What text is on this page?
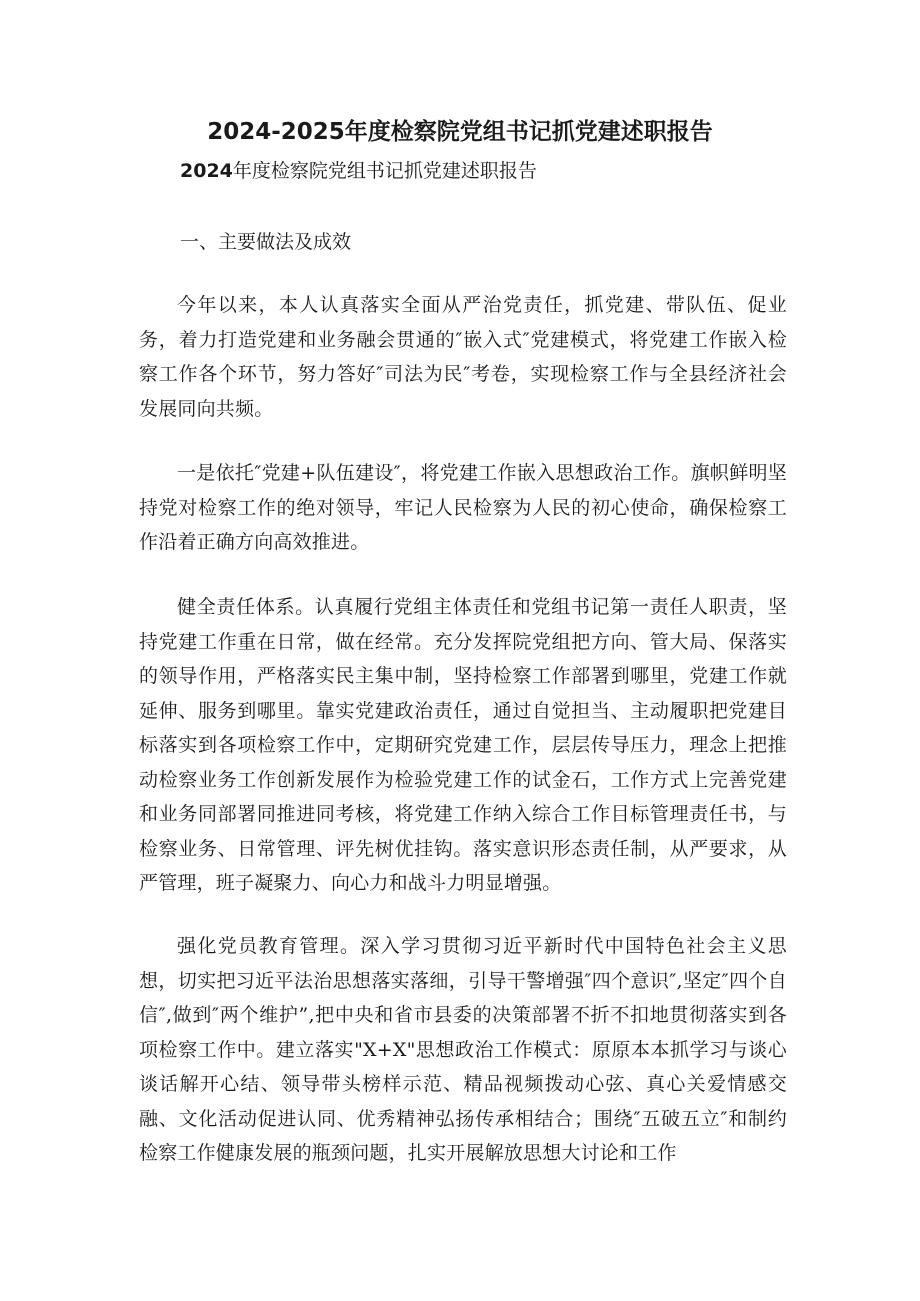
2024-2025年度检察院党组书记抓党建述职报告

2024年度检察院党组书记抓党建述职报告

一、主要做法及成效

今年以来，本人认真落实全面从严治党责任，抓党建、带队伍、促业务，着力打造党建和业务融会贯通的″嵌入式″党建模式，将党建工作嵌入检察工作各个环节，努力答好″司法为民″考卷，实现检察工作与全县经济社会发展同向共频。

一是依托″党建+队伍建设″，将党建工作嵌入思想政治工作。旗帜鲜明坚持党对检察工作的绝对领导，牢记人民检察为人民的初心使命，确保检察工作沿着正确方向高效推进。

健全责任体系。认真履行党组主体责任和党组书记第一责任人职责，坚持党建工作重在日常，做在经常。充分发挥院党组把方向、管大局、保落实的领导作用，严格落实民主集中制，坚持检察工作部署到哪里，党建工作就延伸、服务到哪里。靠实党建政治责任，通过自觉担当、主动履职把党建目标落实到各项检察工作中，定期研究党建工作，层层传导压力，理念上把推动检察业务工作创新发展作为检验党建工作的试金石，工作方式上完善党建和业务同部署同推进同考核，将党建工作纳入综合工作目标管理责任书，与检察业务、日常管理、评先树优挂钩。落实意识形态责任制，从严要求，从严管理，班子凝聚力、向心力和战斗力明显增强。

强化党员教育管理。深入学习贯彻习近平新时代中国特色社会主义思想，切实把习近平法治思想落实落细，引导干警增强″四个意识″,坚定″四个自信″,做到″两个维护”,把中央和省市县委的决策部署不折不扣地贯彻落实到各项检察工作中。建立落实"X+X"思想政治工作模式：原原本本抓学习与谈心谈话解开心结、领导带头榜样示范、精品视频拨动心弦、真心关爱情感交融、文化活动促进认同、优秀精神弘扬传承相结合；围绕″五破五立″和制约检察工作健康发展的瓶颈问题，扎实开展解放思想大讨论和工作
